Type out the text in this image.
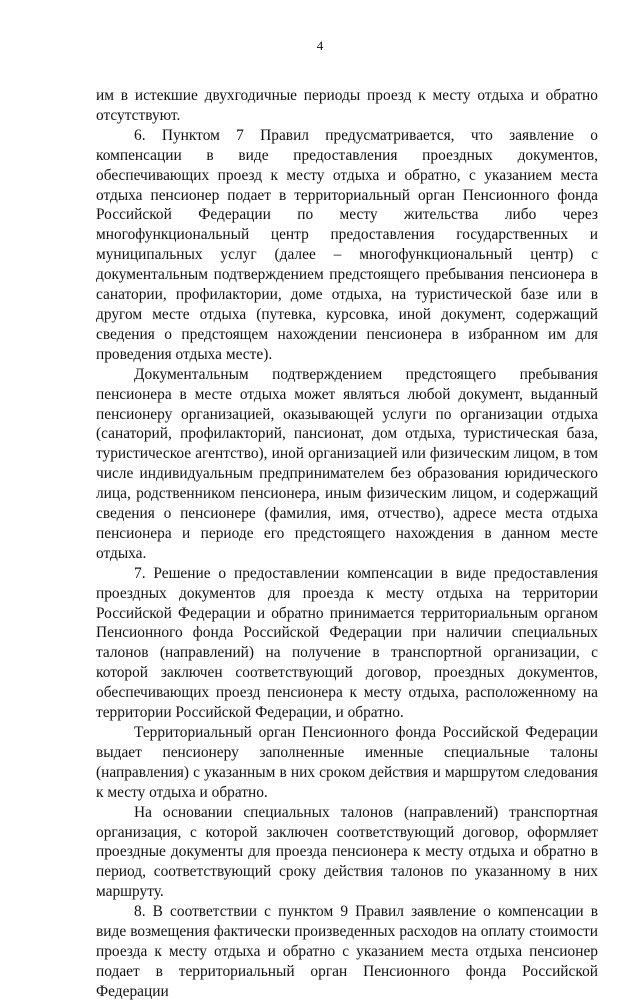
4

им в истекшие двухгодичные периоды проезд к месту отдыха и обратно отсутствуют.

6. Пунктом 7 Правил предусматривается, что заявление о компенсации в виде предоставления проездных документов, обеспечивающих проезд к месту отдыха и обратно, с указанием места отдыха пенсионер подает в территориальный орган Пенсионного фонда Российской Федерации по месту жительства либо через многофункциональный центр предоставления государственных и муниципальных услуг (далее – многофункциональный центр) с документальным подтверждением предстоящего пребывания пенсионера в санатории, профилактории, доме отдыха, на туристической базе или в другом месте отдыха (путевка, курсовка, иной документ, содержащий сведения о предстоящем нахождении пенсионера в избранном им для проведения отдыха месте).

Документальным подтверждением предстоящего пребывания пенсионера в месте отдыха может являться любой документ, выданный пенсионеру организацией, оказывающей услуги по организации отдыха (санаторий, профилакторий, пансионат, дом отдыха, туристическая база, туристическое агентство), иной организацией или физическим лицом, в том числе индивидуальным предпринимателем без образования юридического лица, родственником пенсионера, иным физическим лицом, и содержащий сведения о пенсионере (фамилия, имя, отчество), адресе места отдыха пенсионера и периоде его предстоящего нахождения в данном месте отдыха.

7. Решение о предоставлении компенсации в виде предоставления проездных документов для проезда к месту отдыха на территории Российской Федерации и обратно принимается территориальным органом Пенсионного фонда Российской Федерации при наличии специальных талонов (направлений) на получение в транспортной организации, с которой заключен соответствующий договор, проездных документов, обеспечивающих проезд пенсионера к месту отдыха, расположенному на территории Российской Федерации, и обратно.

Территориальный орган Пенсионного фонда Российской Федерации выдает пенсионеру заполненные именные специальные талоны (направления) с указанным в них сроком действия и маршрутом следования к месту отдыха и обратно.

На основании специальных талонов (направлений) транспортная организация, с которой заключен соответствующий договор, оформляет проездные документы для проезда пенсионера к месту отдыха и обратно в период, соответствующий сроку действия талонов по указанному в них маршруту.

8. В соответствии с пунктом 9 Правил заявление о компенсации в виде возмещения фактически произведенных расходов на оплату стоимости проезда к месту отдыха и обратно с указанием места отдыха пенсионер подает в территориальный орган Пенсионного фонда Российской Федерации
